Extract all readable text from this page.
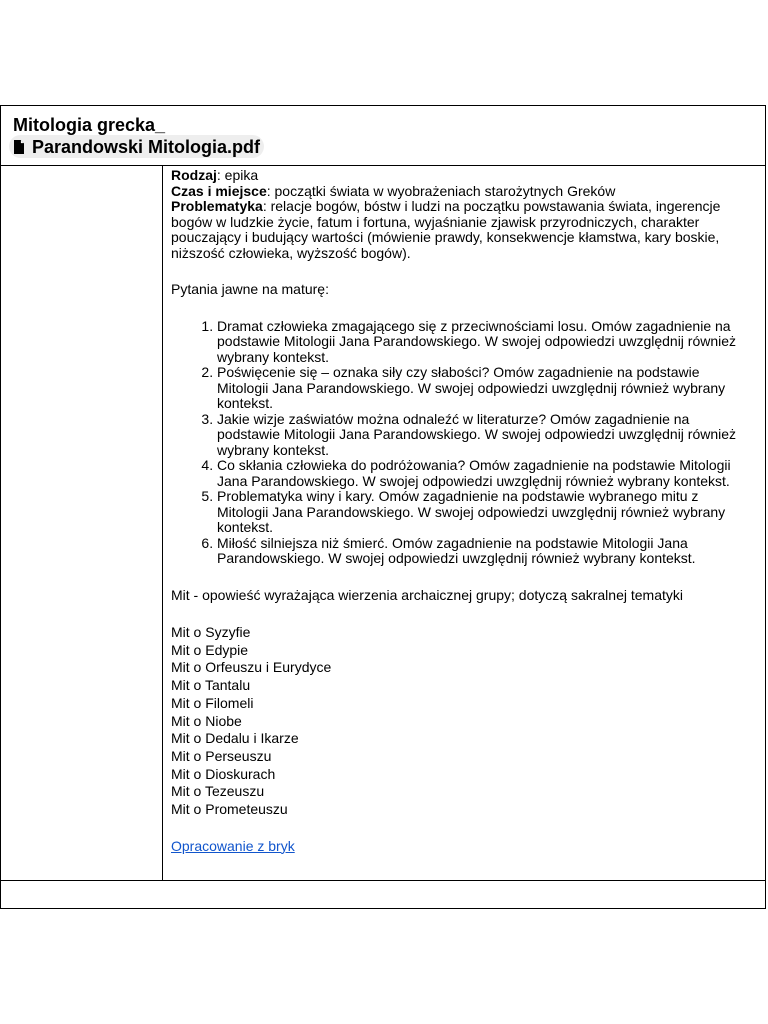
Mitologia grecka_
Parandowski Mitologia.pdf

Rodzaj: epika

Czas i miejsce: początki świata w wyobrażeniach starożytnych Greków

Problematyka: relacje bogów, bóstw i ludzi na początku powstawania świata, ingerencje bogów w ludzkie życie, fatum i fortuna, wyjaśnianie zjawisk przyrodniczych, charakter pouczający i budujący wartości (mówienie prawdy, konsekwencje kłamstwa, kary boskie, niższość człowieka, wyższość bogów).

Pytania jawne na maturę:

1. Dramat człowieka zmagającego się z przeciwnościami losu. Omów zagadnienie na podstawie Mitologii Jana Parandowskiego. W swojej odpowiedzi uwzględnij również wybrany kontekst.
2. Poświęcenie się – oznaka siły czy słabości? Omów zagadnienie na podstawie Mitologii Jana Parandowskiego. W swojej odpowiedzi uwzględnij również wybrany kontekst.
3. Jakie wizje zaświatów można odnaleźć w literaturze? Omów zagadnienie na podstawie Mitologii Jana Parandowskiego. W swojej odpowiedzi uwzględnij również wybrany kontekst.
4. Co skłania człowieka do podróżowania? Omów zagadnienie na podstawie Mitologii Jana Parandowskiego. W swojej odpowiedzi uwzględnij również wybrany kontekst.
5. Problematyka winy i kary. Omów zagadnienie na podstawie wybranego mitu z Mitologii Jana Parandowskiego. W swojej odpowiedzi uwzględnij również wybrany kontekst.
6. Miłość silniejsza niż śmierć. Omów zagadnienie na podstawie Mitologii Jana Parandowskiego. W swojej odpowiedzi uwzględnij również wybrany kontekst.

Mit - opowieść wyrażająca wierzenia archaicznej grupy; dotyczą sakralnej tematyki

Mit o Syzyfie

Mit o Edypie

Mit o Orfeuszu i Eurydyce

Mit o Tantalu

Mit o Filomeli

Mit o Niobe

Mit o Dedalu i Ikarze

Mit o Perseuszu

Mit o Dioskurach

Mit o Tezeuszu

Mit o Prometeuszu

Opracowanie z bryk
